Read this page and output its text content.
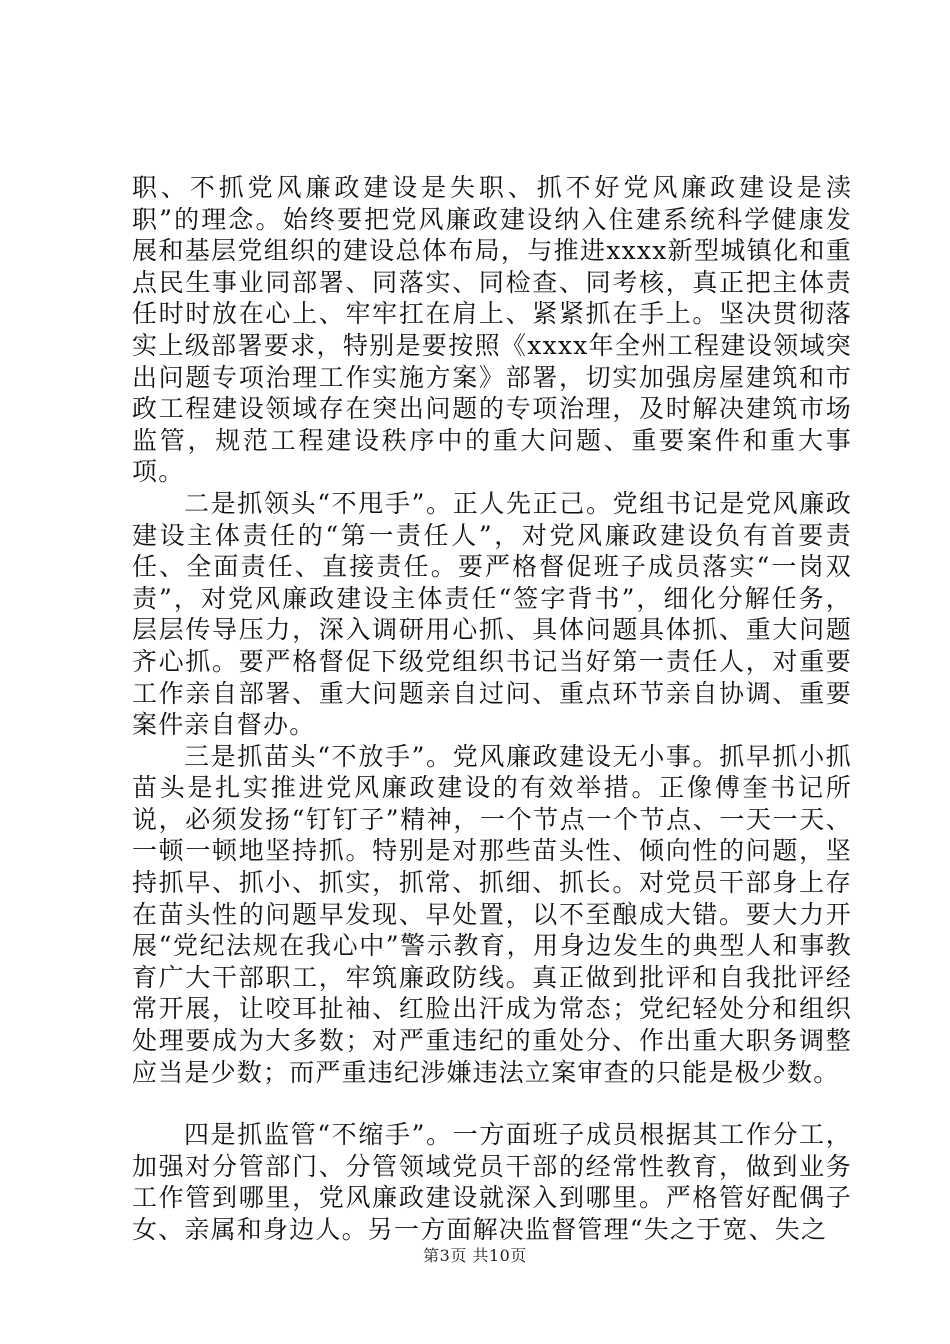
职、不抓党风廉政建设是失职、抓不好党风廉政建设是渎职”的理念。始终要把党风廉政建设纳入住建系统科学健康发展和基层党组织的建设总体布局，与推进xxxx新型城镇化和重点民生事业同部署、同落实、同检查、同考核，真正把主体责任时时放在心上、牢牢扛在肩上、紧紧抓在手上。坚决贯彻落实上级部署要求，特别是要按照《xxxx年全州工程建设领域突出问题专项治理工作实施方案》部署，切实加强房屋建筑和市政工程建设领域存在突出问题的专项治理，及时解决建筑市场监管，规范工程建设秩序中的重大问题、重要案件和重大事项。

二是抓领头“不甩手”。正人先正己。党组书记是党风廉政建设主体责任的“第一责任人”，对党风廉政建设负有首要责任、全面责任、直接责任。要严格督促班子成员落实“一岗双责”，对党风廉政建设主体责任“签字背书”，细化分解任务，层层传导压力，深入调研用心抓、具体问题具体抓、重大问题齐心抓。要严格督促下级党组织书记当好第一责任人，对重要工作亲自部署、重大问题亲自过问、重点环节亲自协调、重要案件亲自督办。

三是抓苗头“不放手”。党风廉政建设无小事。抓早抓小抓苗头是扎实推进党风廉政建设的有效举措。正像傅奎书记所说，必须发扬“钉钉子”精神，一个节点一个节点、一天一天、一顿一顿地坚持抓。特别是对那些苗头性、倾向性的问题，坚持抓早、抓小、抓实，抓常、抓细、抓长。对党员干部身上存在苗头性的问题早发现、早处置，以不至酿成大错。要大力开展“党纪法规在我心中”警示教育，用身边发生的典型人和事教育广大干部职工，牢筑廉政防线。真正做到批评和自我批评经常开展，让咬耳扯袖、红脸出汗成为常态；党纪轻处分和组织处理要成为大多数；对严重违纪的重处分、作出重大职务调整应当是少数；而严重违纪涉嫌违法立案审查的只能是极少数。

四是抓监管“不缩手”。一方面班子成员根据其工作分工，加强对分管部门、分管领域党员干部的经常性教育，做到业务工作管到哪里，党风廉政建设就深入到哪里。严格管好配偶子女、亲属和身边人。另一方面解决监督管理“失之于宽、失之

第3页 共10页
